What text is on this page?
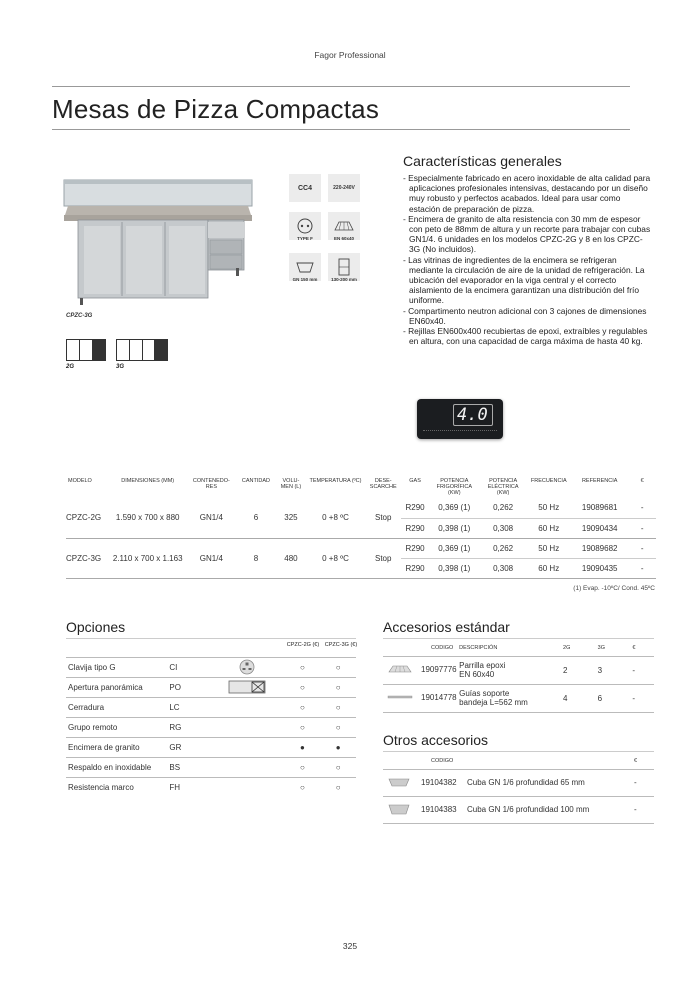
Fagor Professional
Mesas de Pizza Compactas
CPZC-3G
2G	3G
CC4	220-240V
TYPE F	EN 60x40
GN 150 mm	130-200 mm
Características generales
- Especialmente fabricado en acero inoxidable de alta calidad para aplicaciones profesionales intensivas, destacando por un diseño muy robusto y perfectos acabados. Ideal para usar como estación de preparación de pizza.
- Encimera de granito de alta resistencia con 30 mm de espesor con peto de 88mm de altura y un recorte para trabajar con cubas GN1/4. 6 unidades en los modelos CPZC-2G y 8 en los CPZC-3G (No incluidos).
- Las vitrinas de ingredientes de la encimera se refrigeran mediante la circulación de aire de la unidad de refrigeración. La ubicación del evaporador en la viga central y el correcto aislamiento de la encimera garantizan una distribución del frío uniforme.
- Compartimento neutron adicional con 3 cajones de dimensiones EN60x40.
- Rejillas EN600x400 recubiertas de epoxi, extraíbles y regulables en altura, con una capacidad de carga máxima de hasta 40 kg.
4.0
MODELO	DIMENSIONES (MM)	CONTENEDO-RES	CANTIDAD	VOLU-MEN (L)	TEMPERATURA (ºC)	DESE-SCARCHE	GAS	POTENCIA FRIGORÍFICA (KW)	POTENCIA ELÉCTRICA (KW)	FRECUENCIA	REFERENCIA	€
CPZC-2G	1.590 x 700 x 880	GN1/4	6	325	0 +8 ºC	Stop	R290	0,369 (1)	0,262	50 Hz	19089681	-
							R290	0,398 (1)	0,308	60 Hz	19090434	-
CPZC-3G	2.110 x 700 x 1.163	GN1/4	8	480	0 +8 ºC	Stop	R290	0,369 (1)	0,262	50 Hz	19089682	-
							R290	0,398 (1)	0,308	60 Hz	19090435	-
(1) Evap. -10ºC/ Cond. 45ºC
Opciones
CPZC-2G (€)	CPZC-3G (€)
Clavija tipo G	CI		○	○
Apertura panorámica	PO		○	○
Cerradura	LC		○	○
Grupo remoto	RG		○	○
Encimera de granito	GR		●	●
Respaldo en inoxidable	BS		○	○
Resistencia marco	FH		○	○
Accesorios estándar
CODIGO	DESCRIPCIÓN	2G	3G	€
19097776	Parrilla epoxi
EN 60x40	2	3	-
19014778	Guías soporte
bandeja L=562 mm	4	6	-
Otros accesorios
CODIGO		€
19104382	Cuba GN 1/6 profundidad 65 mm	-
19104383	Cuba GN 1/6 profundidad 100 mm	-
325
